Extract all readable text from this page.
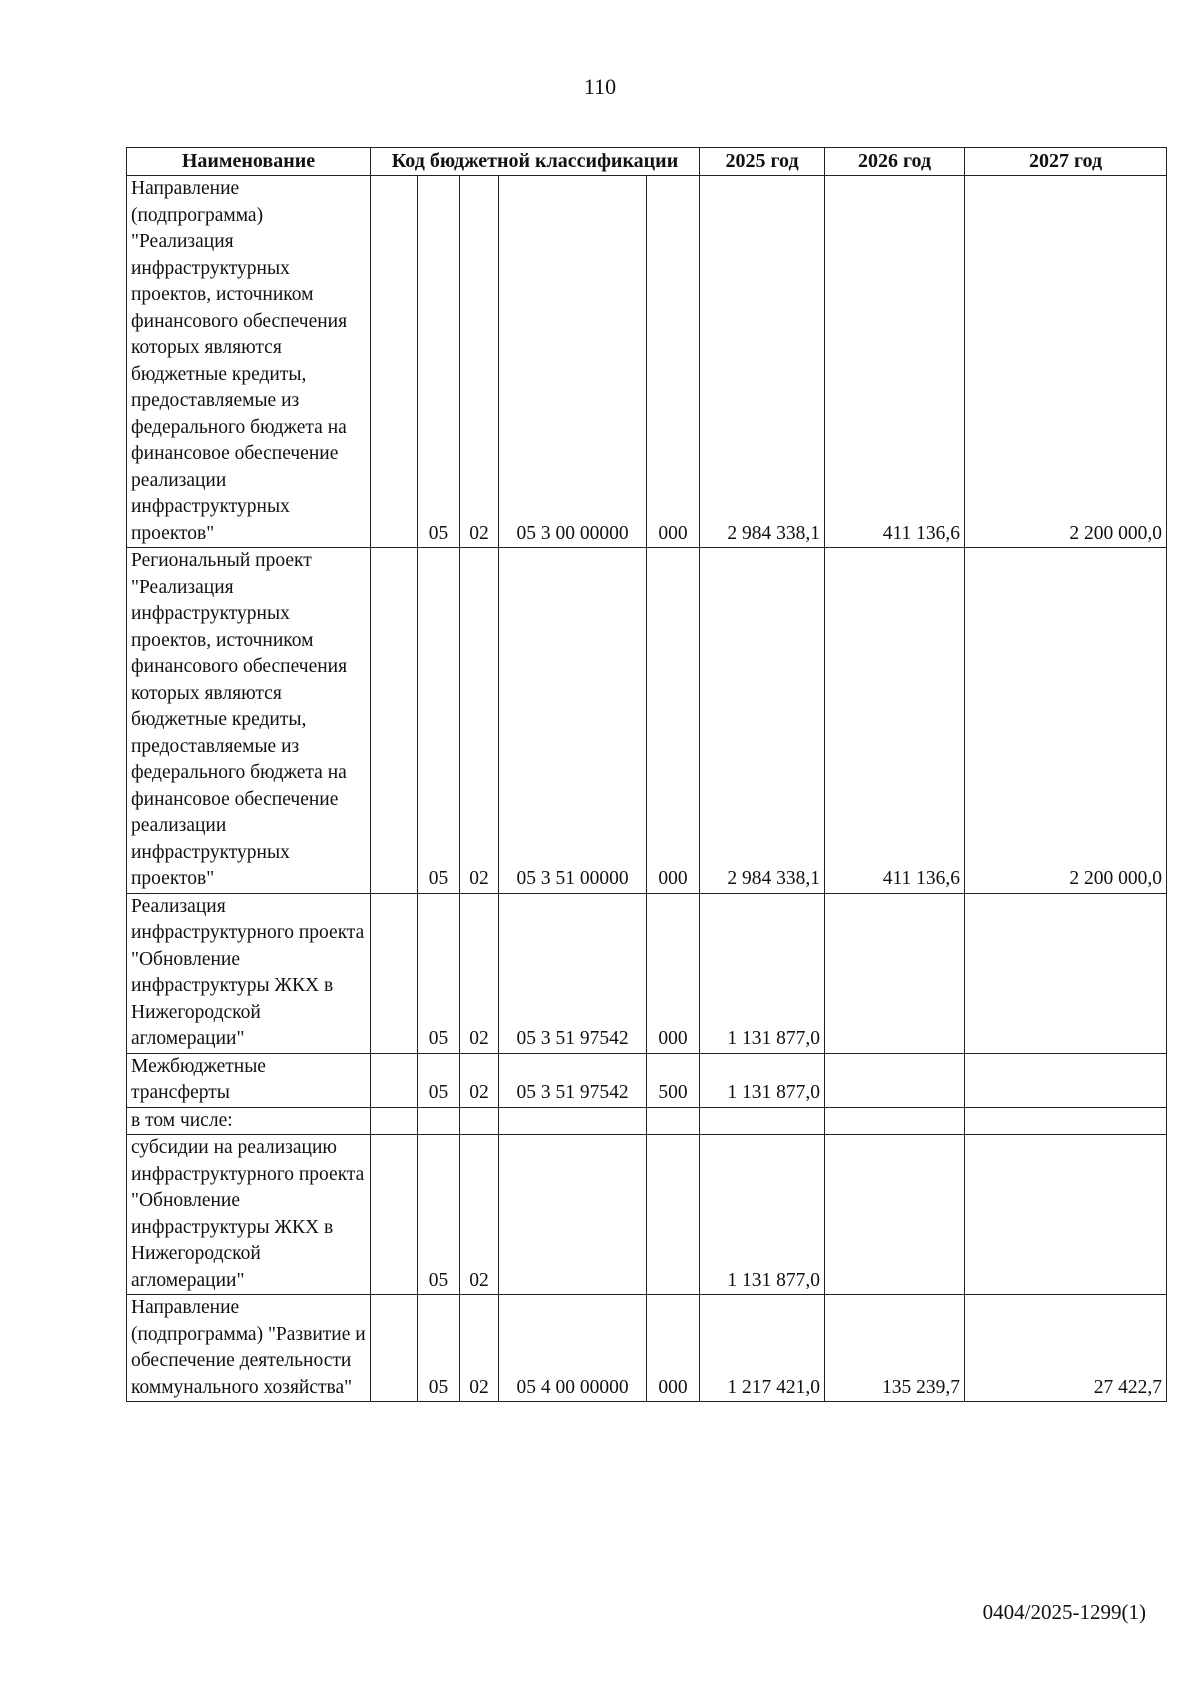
110
Наименование	Код бюджетной классификации					2025 год	2026 год	2027 год
Направление (подпрограмма) "Реализация инфраструктурных проектов, источником финансового обеспечения которых являются бюджетные кредиты, предоставляемые из федерального бюджета на финансовое обеспечение реализации инфраструктурных проектов"		05	02	05 3 00 00000	000	2 984 338,1	411 136,6	2 200 000,0
Региональный проект "Реализация инфраструктурных проектов, источником финансового обеспечения которых являются бюджетные кредиты, предоставляемые из федерального бюджета на финансовое обеспечение реализации инфраструктурных проектов"		05	02	05 3 51 00000	000	2 984 338,1	411 136,6	2 200 000,0
Реализация инфраструктурного проекта "Обновление инфраструктуры ЖКХ в Нижегородской агломерации"		05	02	05 3 51 97542	000	1 131 877,0		
Межбюджетные трансферты		05	02	05 3 51 97542	500	1 131 877,0		
в том числе:								
субсидии на реализацию инфраструктурного проекта "Обновление инфраструктуры ЖКХ в Нижегородской агломерации"		05	02			1 131 877,0		
Направление (подпрограмма) "Развитие и обеспечение деятельности коммунального хозяйства"		05	02	05 4 00 00000	000	1 217 421,0	135 239,7	27 422,7
0404/2025-1299(1)
